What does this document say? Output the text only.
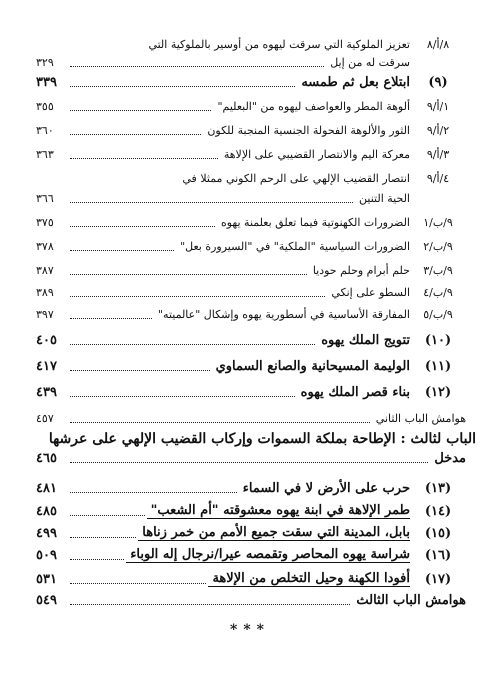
٨/أ/٨
تعزيز الملوكية التي سرقت ليهوه من أوسير بالملوكية التي
سرقت له من إيل
٣٢٩
(٩)
ابتلاع بعل ثم طمسه
٣٣٩
١/أ/٩
ألوهة المطر والعواصف ليهوه من "البعليم"
٣٥٥
٢/أ/٩
الثور والألوهة الفحولة الجنسية المنجبة للكون
٣٦٠
٣/أ/٩
معركة اليم والانتصار القضيبي على الإلاهة
٣٦٣
٤/أ/٩
انتصار القضيب الإلهي على الرحم الكوني ممثلا في
الحية التنين
٣٦٦
٩/ب/١
الضرورات الكهنوتية فيما تعلق بعلمنة يهوه
٣٧٥
٩/ب/٢
الضرورات السياسية "الملكية" في "السيرورة بعل"
٣٧٨
٩/ب/٣
حلم أبرام وحلم حوديا
٣٨٧
٩/ب/٤
السطو على إنكي
٣٨٩
٩/ب/٥
المفارقة الأساسية في أسطورية يهوه وإشكال "عالميته"
٣٩٧
(١٠)
تتويج الملك يهوه
٤٠٥
(١١)
الوليمة المسيحانية والصانع السماوي
٤١٧
(١٢)
بناء قصر الملك يهوه
٤٣٩
هوامش الباب الثاني
٤٥٧
الباب لثالث : الإطاحة بملكة السموات وإركاب القضيب الإلهي على عرشها
مدخل
٤٦٥
(١٣)
حرب على الأرض لا في السماء
٤٨١
(١٤)
طمر الإلاهة في ابنة يهوه معشوقته "أم الشعب"
٤٨٥
(١٥)
بابل، المدينة التي سقت جميع الأمم من خمر زناها
٤٩٩
(١٦)
شراسة يهوه المحاصر وتقمصه عيرا/نرجال إله الوباء
٥٠٩
(١٧)
أفودا الكهنة وحيل التخلص من الإلاهة
٥٣١
هوامش الباب الثالث
٥٤٩
***
